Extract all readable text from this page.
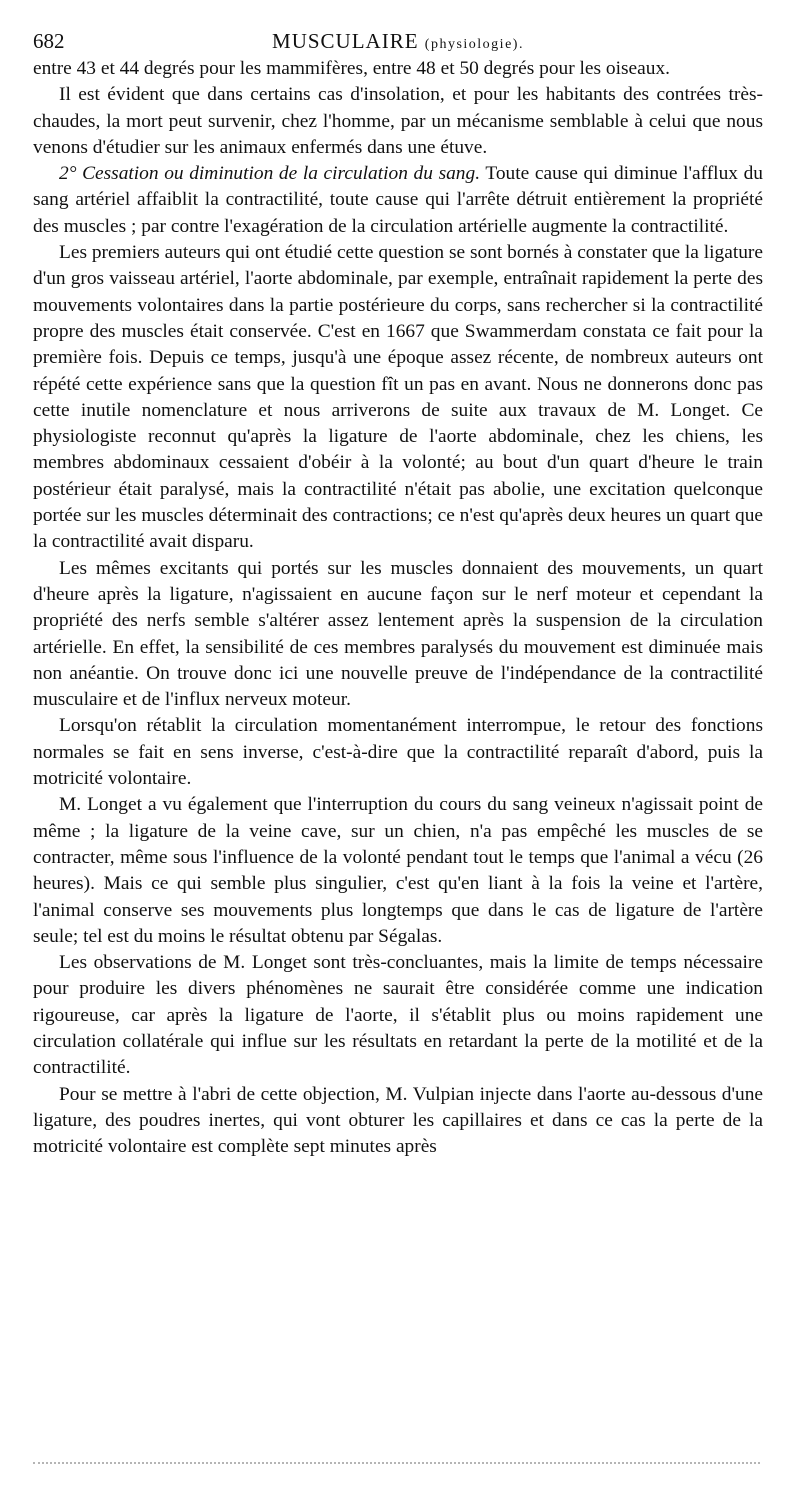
682	MUSCULAIRE (physiologie).

entre 43 et 44 degrés pour les mammifères, entre 48 et 50 degrés pour les oiseaux.

Il est évident que dans certains cas d'insolation, et pour les habitants des contrées très-chaudes, la mort peut survenir, chez l'homme, par un mécanisme semblable à celui que nous venons d'étudier sur les animaux enfermés dans une étuve.

2° Cessation ou diminution de la circulation du sang. Toute cause qui diminue l'afflux du sang artériel affaiblit la contractilité, toute cause qui l'arrête détruit entièrement la propriété des muscles ; par contre l'exagération de la circulation artérielle augmente la contractilité.

Les premiers auteurs qui ont étudié cette question se sont bornés à constater que la ligature d'un gros vaisseau artériel, l'aorte abdominale, par exemple, entraînait rapidement la perte des mouvements volontaires dans la partie postérieure du corps, sans rechercher si la contractilité propre des muscles était conservée. C'est en 1667 que Swammerdam constata ce fait pour la première fois. Depuis ce temps, jusqu'à une époque assez récente, de nombreux auteurs ont répété cette expérience sans que la question fît un pas en avant. Nous ne donnerons donc pas cette inutile nomenclature et nous arriverons de suite aux travaux de M. Longet. Ce physiologiste reconnut qu'après la ligature de l'aorte abdominale, chez les chiens, les membres abdominaux cessaient d'obéir à la volonté; au bout d'un quart d'heure le train postérieur était paralysé, mais la contractilité n'était pas abolie, une excitation quelconque portée sur les muscles déterminait des contractions; ce n'est qu'après deux heures un quart que la contractilité avait disparu.

Les mêmes excitants qui portés sur les muscles donnaient des mouvements, un quart d'heure après la ligature, n'agissaient en aucune façon sur le nerf moteur et cependant la propriété des nerfs semble s'altérer assez lentement après la suspension de la circulation artérielle. En effet, la sensibilité de ces membres paralysés du mouvement est diminuée mais non anéantie. On trouve donc ici une nouvelle preuve de l'indépendance de la contractilité musculaire et de l'influx nerveux moteur.

Lorsqu'on rétablit la circulation momentanément interrompue, le retour des fonctions normales se fait en sens inverse, c'est-à-dire que la contractilité reparaît d'abord, puis la motricité volontaire.

M. Longet a vu également que l'interruption du cours du sang veineux n'agissait point de même ; la ligature de la veine cave, sur un chien, n'a pas empêché les muscles de se contracter, même sous l'influence de la volonté pendant tout le temps que l'animal a vécu (26 heures). Mais ce qui semble plus singulier, c'est qu'en liant à la fois la veine et l'artère, l'animal conserve ses mouvements plus longtemps que dans le cas de ligature de l'artère seule; tel est du moins le résultat obtenu par Ségalas.

Les observations de M. Longet sont très-concluantes, mais la limite de temps nécessaire pour produire les divers phénomènes ne saurait être considérée comme une indication rigoureuse, car après la ligature de l'aorte, il s'établit plus ou moins rapidement une circulation collatérale qui influe sur les résultats en retardant la perte de la motilité et de la contractilité.

Pour se mettre à l'abri de cette objection, M. Vulpian injecte dans l'aorte au-dessous d'une ligature, des poudres inertes, qui vont obturer les capillaires et dans ce cas la perte de la motricité volontaire est complète sept minutes après
